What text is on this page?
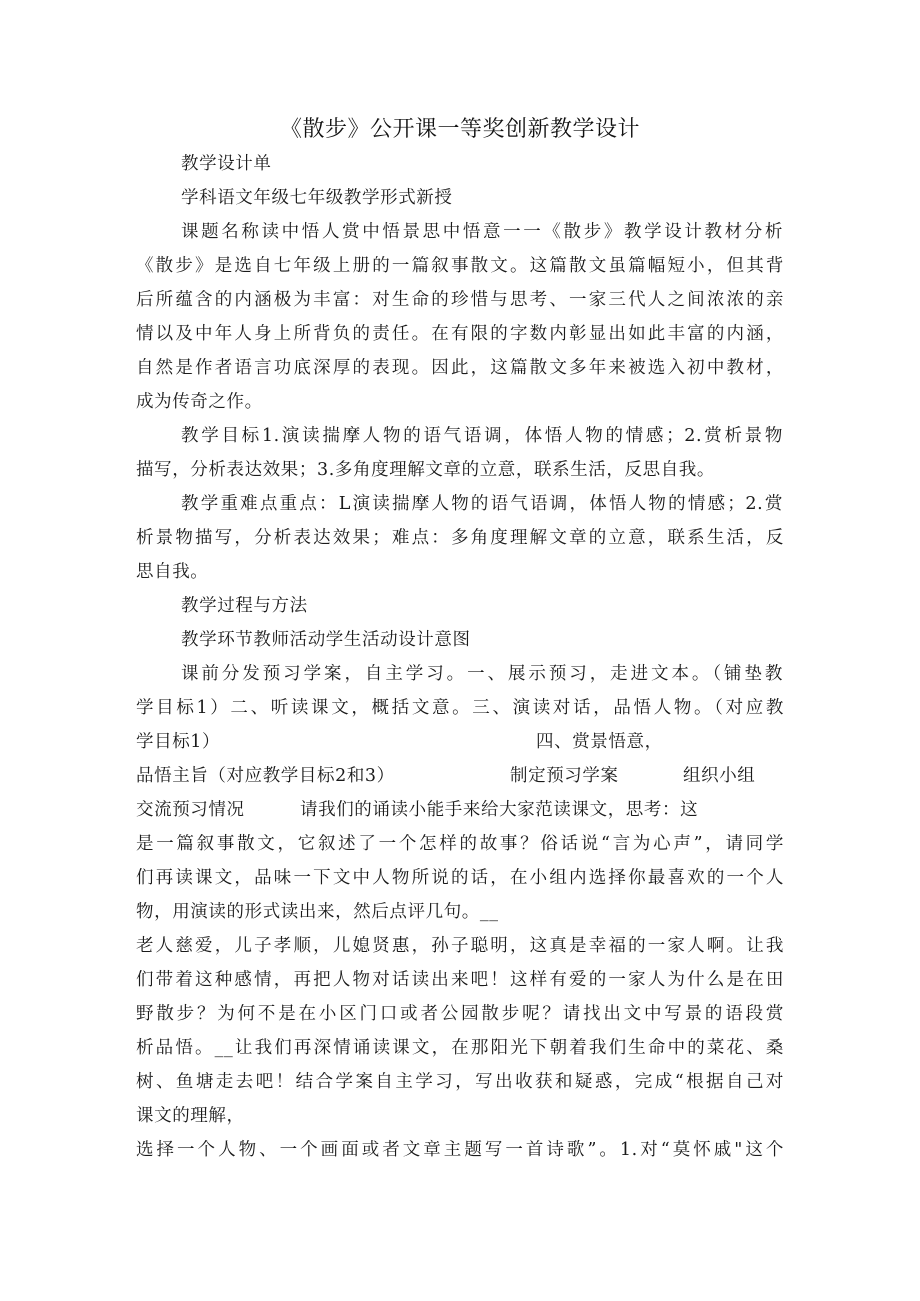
《散步》公开课一等奖创新教学设计
教学设计单
学科语文年级七年级教学形式新授
课题名称读中悟人赏中悟景思中悟意一一《散步》教学设计教材分析
《散步》是选自七年级上册的一篇叙事散文。这篇散文虽篇幅短小，但其背
后所蕴含的内涵极为丰富：对生命的珍惜与思考、一家三代人之间浓浓的亲
情以及中年人身上所背负的责任。在有限的字数内彰显出如此丰富的内涵，
自然是作者语言功底深厚的表现。因此，这篇散文多年来被选入初中教材，
成为传奇之作。
教学目标1.演读揣摩人物的语气语调，体悟人物的情感；2.赏析景物
描写，分析表达效果；3.多角度理解文章的立意，联系生活，反思自我。
教学重难点重点：L演读揣摩人物的语气语调，体悟人物的情感；2.赏
析景物描写，分析表达效果；难点：多角度理解文章的立意，联系生活，反
思自我。
教学过程与方法
教学环节教师活动学生活动设计意图
课前分发预习学案，自主学习。一、展示预习，走进文本。（铺垫教
学目标1）二、听读课文，概括文意。三、演读对话，品悟人物。（对应教
学目标1）	四、赏景悟意，
品悟主旨（对应教学目标2和3）	制定预习学案	组织小组
交流预习情况	请我们的诵读小能手来给大家范读课文，思考：这
是一篇叙事散文，它叙述了一个怎样的故事？俗话说“言为心声”，请同学
们再读课文，品味一下文中人物所说的话，在小组内选择你最喜欢的一个人
物，用演读的形式读出来，然后点评几句。__
老人慈爱，儿子孝顺，儿媳贤惠，孙子聪明，这真是幸福的一家人啊。让我
们带着这种感情，再把人物对话读出来吧！这样有爱的一家人为什么是在田
野散步？为何不是在小区门口或者公园散步呢？请找出文中写景的语段赏
析品悟。__让我们再深情诵读课文，在那阳光下朝着我们生命中的菜花、桑
树、鱼塘走去吧！结合学案自主学习，写出收获和疑惑，完成“根据自己对
课文的理解，
选择一个人物、一个画面或者文章主题写一首诗歌”。1.对“莫怀戚"这个
